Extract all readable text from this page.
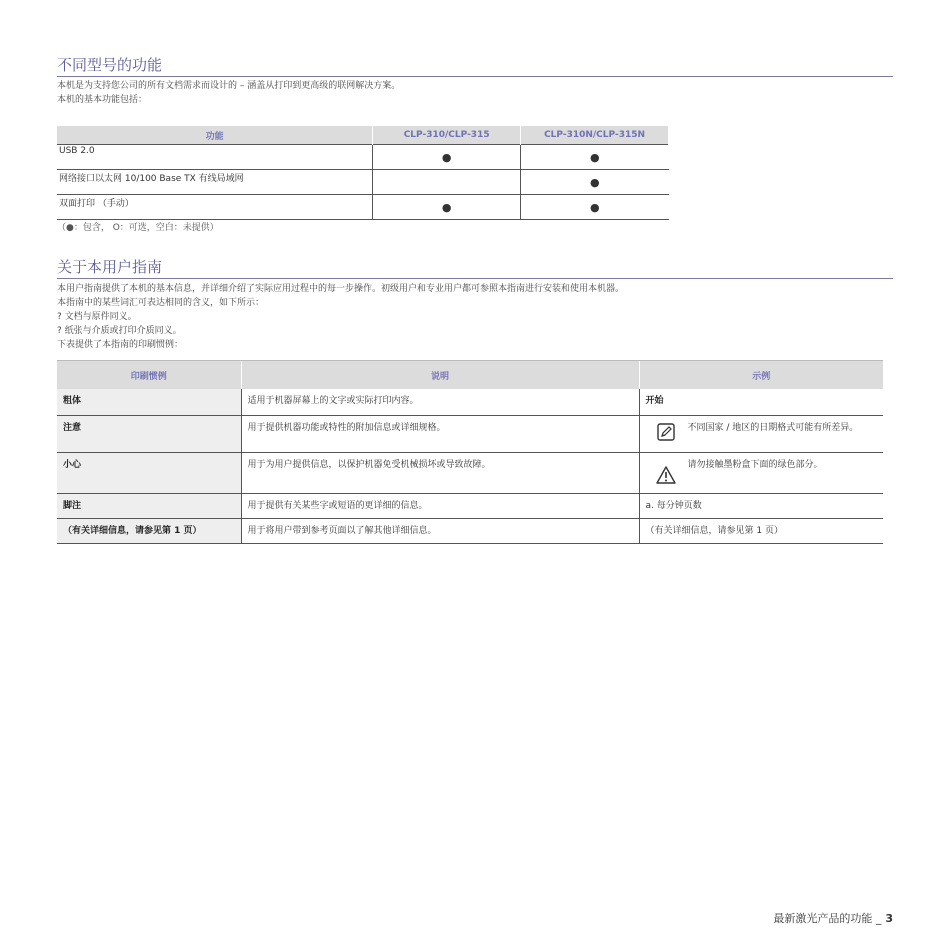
不同型号的功能

本机是为支持您公司的所有文档需求而设计的 – 涵盖从打印到更高级的联网解决方案。

本机的基本功能包括：

功能	CLP-310/CLP-315	CLP-310N/CLP-315N
USB 2.0	●	●
网络接口以太网 10/100 Base TX 有线局域网		●
双面打印 （手动）	●	●
（●：包含， O：可选，空白：未提供）
关于本用户指南

本用户指南提供了本机的基本信息，并详细介绍了实际应用过程中的每一步操作。初级用户和专业用户都可参照本指南进行安装和使用本机器。

本指南中的某些词汇可表达相同的含义，如下所示：

? 文档与原件同义。

? 纸张与介质或打印介质同义。

下表提供了本指南的印刷惯例：

印刷惯例	说明	示例
粗体	适用于机器屏幕上的文字或实际打印内容。	开始
注意	用于提供机器功能或特性的附加信息或详细规格。	不同国家 / 地区的日期格式可能有所差异。

小心	用于为用户提供信息，以保护机器免受机械损坏或导致故障。	请勿接触墨粉盒下面的绿色部分。

脚注	用于提供有关某些字或短语的更详细的信息。	a. 每分钟页数
（有关详细信息，请参见第 1 页）	用于将用户带到参考页面以了解其他详细信息。	（有关详细信息，请参见第 1 页）
最新激光产品的功能 _ 3
